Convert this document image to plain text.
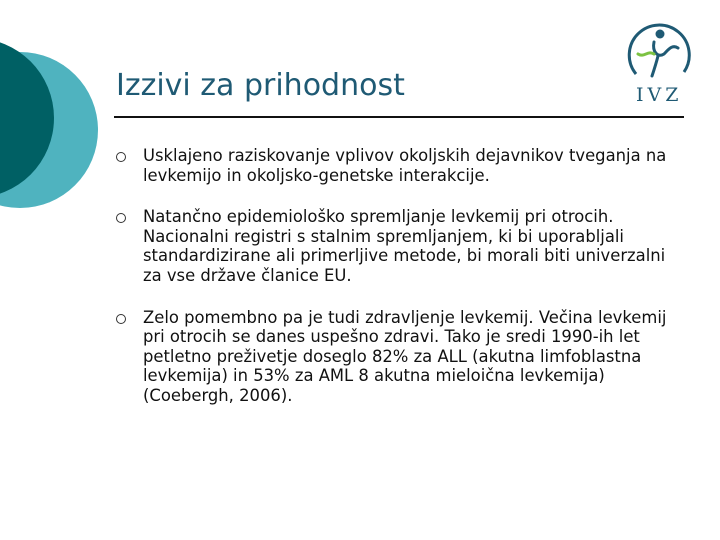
Izzivi za prihodnost	IVZ
Usklajeno raziskovanje vplivov okoljskih dejavnikov tveganja na levkemijo in okoljsko-genetske interakcije.
Natančno epidemiološko spremljanje levkemij pri otrocih. Nacionalni registri s stalnim spremljanjem, ki bi uporabljali standardizirane ali primerljive metode, bi morali biti univerzalni za vse države članice EU.
Zelo pomembno pa je tudi zdravljenje levkemij. Večina levkemij pri otrocih se danes uspešno zdravi. Tako je sredi 1990-ih let petletno preživetje doseglo 82% za ALL (akutna limfoblastna levkemija) in 53% za AML 8 akutna mieloična levkemija) (Coebergh, 2006).
